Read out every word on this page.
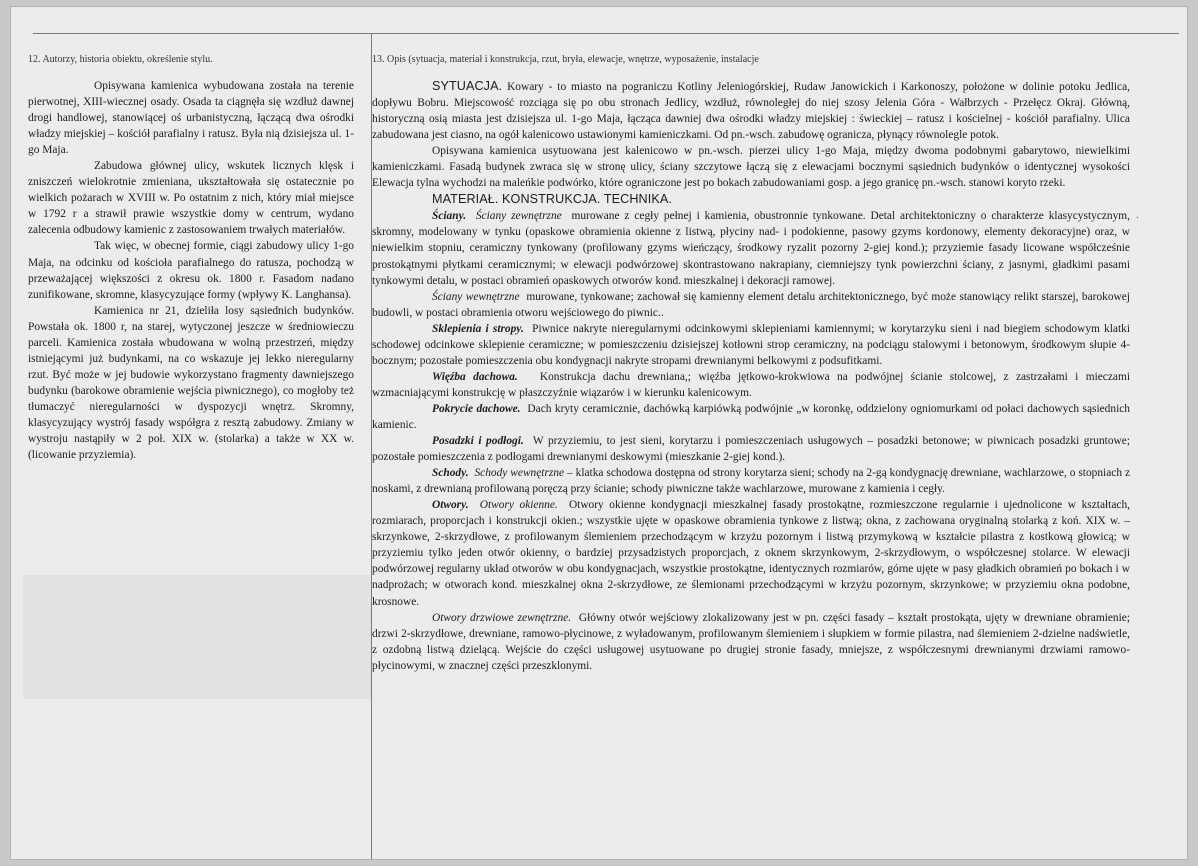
·
12. Autorzy, historia obiektu, określenie stylu.	13. Opis (sytuacja, materiał i konstrukcja, rzut, bryła, elewacje, wnętrze, wyposażenie, instalacje

Opisywana kamienica wybudowana została na terenie pierwotnej, XIII-wiecznej osady. Osada ta ciągnęła się wzdłuż dawnej drogi handlowej, stanowiącej oś urbanistyczną, łączącą dwa ośrodki władzy miejskiej – kościół parafialny i ratusz. Była nią dzisiejsza ul. 1-go Maja.

Zabudowa głównej ulicy, wskutek licznych klęsk i zniszczeń wielokrotnie zmieniana, ukształtowała się ostatecznie po wielkich pożarach w XVIII w. Po ostatnim z nich, który miał miejsce w 1792 r a strawił prawie wszystkie domy w centrum, wydano zalecenia odbudowy kamienic z zastosowaniem trwałych materiałów.

Tak więc, w obecnej formie, ciągi zabudowy ulicy 1-go Maja, na odcinku od kościoła parafialnego do ratusza, pochodzą w przeważającej większości z okresu ok. 1800 r. Fasadom nadano zunifikowane, skromne, klasycyzujące formy (wpływy K. Langhansa).

Kamienica nr 21, dzieliła losy sąsiednich budynków. Powstała ok. 1800 r, na starej, wytyczonej jeszcze w średniowieczu parceli. Kamienica została wbudowana w wolną przestrzeń, między istniejącymi już budynkami, na co wskazuje jej lekko nieregularny rzut. Być może w jej budowie wykorzystano fragmenty dawniejszego budynku (barokowe obramienie wejścia piwnicznego), co mogłoby też tłumaczyć nieregularności w dyspozycji wnętrz. Skromny, klasycyzujący wystrój fasady współgra z resztą zabudowy. Zmiany w wystroju nastąpiły w 2 poł. XIX w. (stolarka) a także w XX w. (licowanie przyziemia).

SYTUACJA. Kowary - to miasto na pograniczu Kotliny Jeleniogórskiej, Rudaw Janowickich i Karkonoszy, położone w dolinie potoku Jedlica, dopływu Bobru. Miejscowość rozciąga się po obu stronach Jedlicy, wzdłuż, równoległej do niej szosy Jelenia Góra - Wałbrzych - Przełęcz Okraj. Główną, historyczną osią miasta jest dzisiejsza ul. 1-go Maja, łącząca dawniej dwa ośrodki władzy miejskiej : świeckiej – ratusz i kościelnej - kościół parafialny. Ulica zabudowana jest ciasno, na ogół kalenicowo ustawionymi kamieniczkami. Od pn.-wsch. zabudowę ogranicza, płynący równolegle potok.

Opisywana kamienica usytuowana jest kalenicowo w pn.-wsch. pierzei ulicy 1-go Maja, między dwoma podobnymi gabarytowo, niewielkimi kamieniczkami. Fasadą budynek zwraca się w stronę ulicy, ściany szczytowe łączą się z elewacjami bocznymi sąsiednich budynków o identycznej wysokości Elewacja tylna wychodzi na maleńkie podwórko, które ograniczone jest po bokach zabudowaniami gosp. a jego granicę pn.-wsch. stanowi koryto rzeki.

MATERIAŁ. KONSTRUKCJA. TECHNIKA.

Ściany. Ściany zewnętrzne murowane z cegły pełnej i kamienia, obustronnie tynkowane. Detal architektoniczny o charakterze klasycystycznym, skromny, modelowany w tynku (opaskowe obramienia okienne z listwą, płyciny nad- i podokienne, pasowy gzyms kordonowy, elementy dekoracyjne) oraz, w niewielkim stopniu, ceramiczny tynkowany (profilowany gzyms wieńczący, środkowy ryzalit pozorny 2-giej kond.); przyziemie fasady licowane współcześnie prostokątnymi płytkami ceramicznymi; w elewacji podwórzowej skontrastowano nakrapiany, ciemniejszy tynk powierzchni ściany, z jasnymi, gładkimi pasami tynkowymi detalu, w postaci obramień opaskowych otworów kond. mieszkalnej i dekoracji ramowej.

Ściany wewnętrzne murowane, tynkowane; zachował się kamienny element detalu architektonicznego, być może stanowiący relikt starszej, barokowej budowli, w postaci obramienia otworu wejściowego do piwnic..

Sklepienia i stropy. Piwnice nakryte nieregularnymi odcinkowymi sklepieniami kamiennymi; w korytarzyku sieni i nad biegiem schodowym klatki schodowej odcinkowe sklepienie ceramiczne; w pomieszczeniu dzisiejszej kotłowni strop ceramiczny, na podciągu stalowymi i betonowym, środkowym słupie 4-bocznym; pozostałe pomieszczenia obu kondygnacji nakryte stropami drewnianymi belkowymi z podsufitkami.

Więźba dachowa. Konstrukcja dachu drewniana,; więźba jętkowo-krokwiowa na podwójnej ścianie stolcowej, z zastrzałami i mieczami wzmacniającymi konstrukcję w płaszczyźnie wiązarów i w kierunku kalenicowym.

Pokrycie dachowe. Dach kryty ceramicznie, dachówką karpiówką podwójnie „w koronkę, oddzielony ogniomurkami od połaci dachowych sąsiednich kamienic.

Posadzki i podłogi. W przyziemiu, to jest sieni, korytarzu i pomieszczeniach usługowych – posadzki betonowe; w piwnicach posadzki gruntowe; pozostałe pomieszczenia z podłogami drewnianymi deskowymi (mieszkanie 2-giej kond.).

Schody. Schody wewnętrzne – klatka schodowa dostępna od strony korytarza sieni; schody na 2-gą kondygnację drewniane, wachlarzowe, o stopniach z noskami, z drewnianą profilowaną poręczą przy ścianie; schody piwniczne także wachlarzowe, murowane z kamienia i cegły.

Otwory. Otwory okienne. Otwory okienne kondygnacji mieszkalnej fasady prostokątne, rozmieszczone regularnie i ujednolicone w kształtach, rozmiarach, proporcjach i konstrukcji okien.; wszystkie ujęte w opaskowe obramienia tynkowe z listwą; okna, z zachowana oryginalną stolarką z koń. XIX w. – skrzynkowe, 2-skrzydłowe, z profilowanym ślemieniem przechodzącym w krzyżu pozornym i listwą przymykową w kształcie pilastra z kostkową głowicą; w przyziemiu tylko jeden otwór okienny, o bardziej przysadzistych proporcjach, z oknem skrzynkowym, 2-skrzydłowym, o współczesnej stolarce. W elewacji podwórzowej regularny układ otworów w obu kondygnacjach, wszystkie prostokątne, identycznych rozmiarów, górne ujęte w pasy gładkich obramień po bokach i w nadprożach; w otworach kond. mieszkalnej okna 2-skrzydłowe, ze ślemionami przechodzącymi w krzyżu pozornym, skrzynkowe; w przyziemiu okna podobne, krosnowe.

Otwory drzwiowe zewnętrzne. Główny otwór wejściowy zlokalizowany jest w pn. części fasady – kształt prostokąta, ujęty w drewniane obramienie; drzwi 2-skrzydłowe, drewniane, ramowo-płycinowe, z wyładowanym, profilowanym ślemieniem i słupkiem w formie pilastra, nad ślemieniem 2-dzielne nadświetle, z ozdobną listwą dzielącą. Wejście do części usługowej usytuowane po drugiej stronie fasady, mniejsze, z współczesnymi drewnianymi drzwiami ramowo-płycinowymi, w znacznej części przeszklonymi.
